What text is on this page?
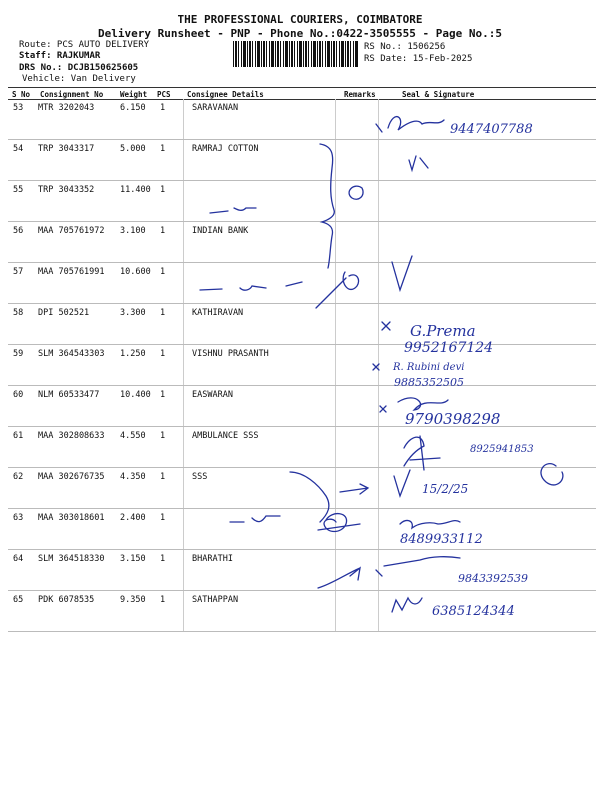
THE PROFESSIONAL COURIERS, COIMBATORE
Delivery Runsheet - PNP - Phone No.:0422-3505555 - Page No.:5
Route: PCS AUTO DELIVERY
Staff: RAJKUMAR
DRS No.: DCJB150625605
Vehicle: Van Delivery
RS No.: 1506256
RS Date: 15-Feb-2025
S No Consignment No Weight PCS Consignee Details	Remarks	Seal & Signature
53 MTR 3202043	6.150 1	SARAVANAN
54 TRP 3043317	5.000 1	RAMRAJ COTTON
55 TRP 3043352	11.400 1
56 MAA 705761972 3.100 1	INDIAN BANK
57 MAA 705761991 10.600 1
58 DPI 502521	3.300 1	KATHIRAVAN
59 SLM 364543303 1.250 1	VISHNU PRASANTH
60 NLM 60533477 10.400 1	EASWARAN
61 MAA 302808633 4.550 1	AMBULANCE SSS
62 MAA 302676735 4.350 1	SSS
63 MAA 303018601 2.400 1
64 SLM 364518330 3.150 1	BHARATHI
65 PDK 6078535	9.350 1	SATHAPPAN
9447407788
G.Prema
9952167124
R. Rubini devi
9885352505
9790398298
8925941853
15/2/25
8489933112
9843392539
6385124344
